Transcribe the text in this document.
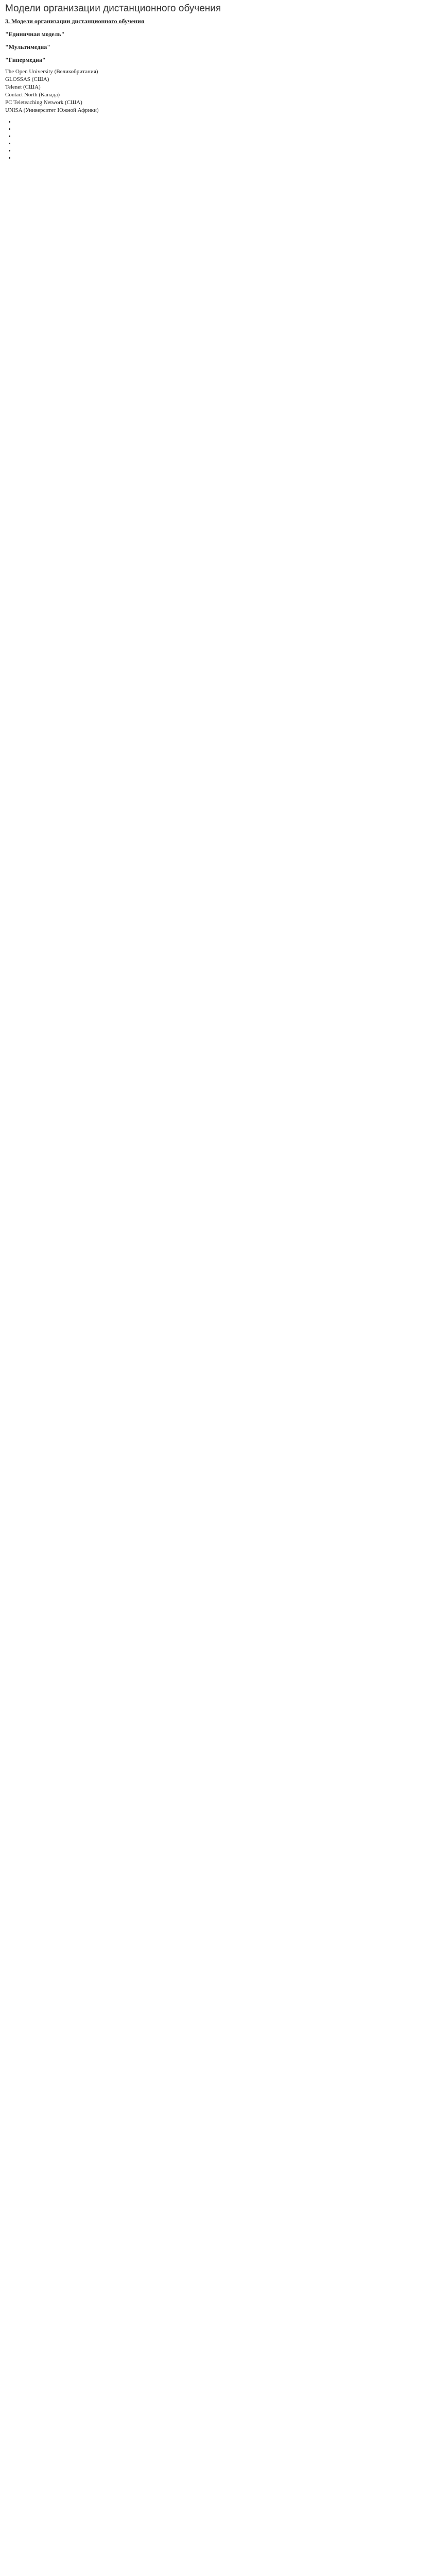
Модели организации дистанционного обучения

3. Модели организации дистанционного обучения

"Единичная модель"

"Мультимедиа"

"Гипермедиа"

The Open University (Великобритания)
GLOSSAS (США)
Telenet (США)
Contact North (Канада)
PC Teleteaching Network (США)
UNISA (Университет Южной Африки)

•
•
•
•
•
•
